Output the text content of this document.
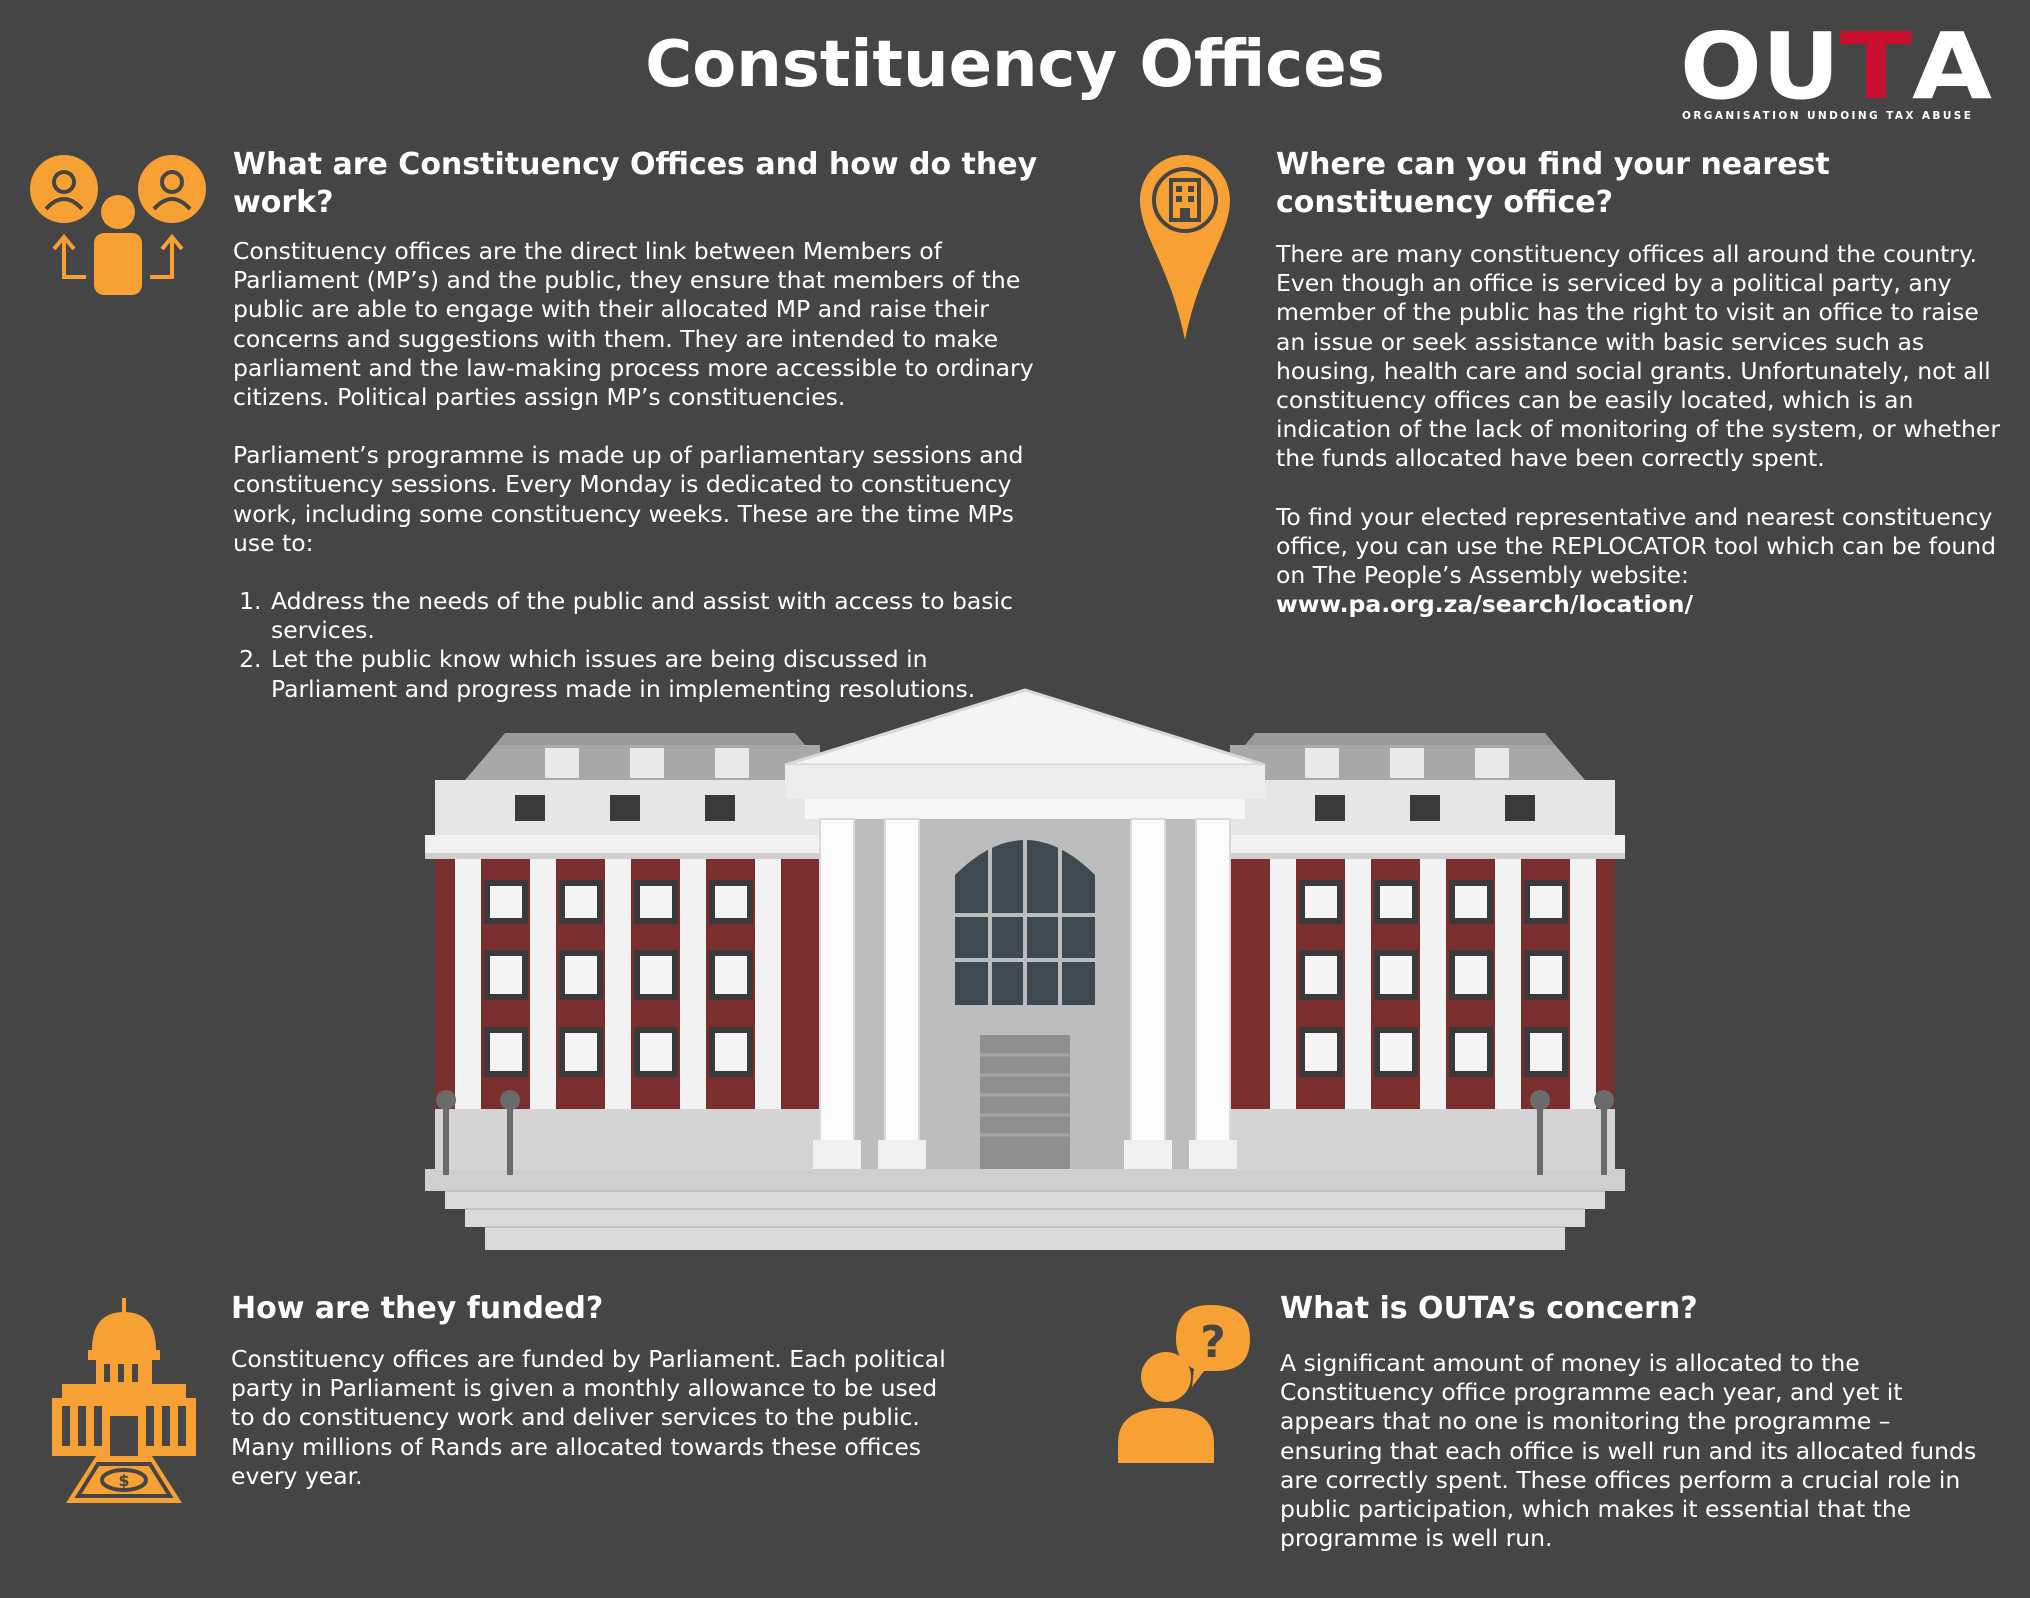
Constituency Offices	OU T A
ORGANISATION UNDOING TAX ABUSE
What are Constituency Offices and how do they work?

Constituency offices are the direct link between Members of Parliament (MP’s) and the public, they ensure that members of the public are able to engage with their allocated MP and raise their concerns and suggestions with them. They are intended to make parliament and the law-making process more accessible to ordinary citizens. Political parties assign MP’s constituencies.

Parliament’s programme is made up of parliamentary sessions and constituency sessions. Every Monday is dedicated to constituency work, including some constituency weeks. These are the time MPs use to:

1. Address the needs of the public and assist with access to basic services.
2. Let the public know which issues are being discussed in Parliament and progress made in implementing resolutions.
Where can you find your nearest constituency office?

There are many constituency offices all around the country. Even though an office is serviced by a political party, any member of the public has the right to visit an office to raise an issue or seek assistance with basic services such as housing, health care and social grants. Unfortunately, not all constituency offices can be easily located, which is an indication of the lack of monitoring of the system, or whether the funds allocated have been correctly spent.

To find your elected representative and nearest constituency office, you can use the REPLOCATOR tool which can be found on The People’s Assembly website:

www.pa.org.za/search/location/
$
How are they funded?

Constituency offices are funded by Parliament. Each political party in Parliament is given a monthly allowance to be used to do constituency work and deliver services to the public. Many millions of Rands are allocated towards these offices every year.

?
What is OUTA’s concern?

A significant amount of money is allocated to the Constituency office programme each year, and yet it appears that no one is monitoring the programme – ensuring that each office is well run and its allocated funds are correctly spent. These offices perform a crucial role in public participation, which makes it essential that the programme is well run.
